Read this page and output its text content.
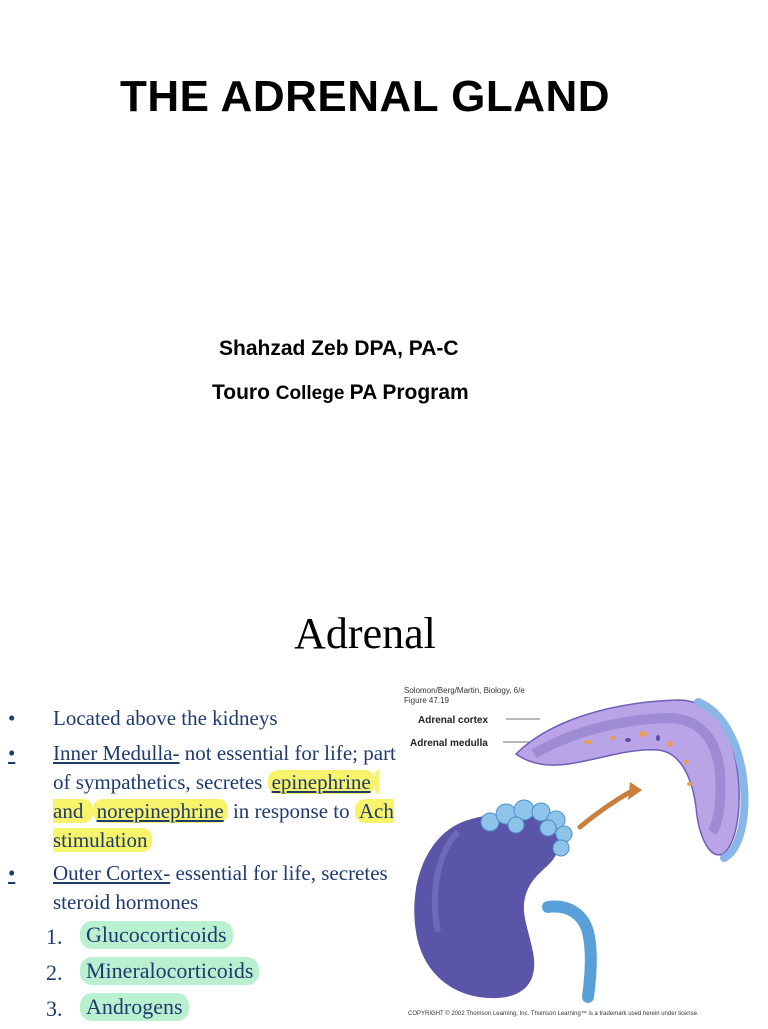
THE ADRENAL GLAND
Shahzad Zeb DPA, PA-C
Touro College PA Program
Adrenal
• Located above the kidneys
• Inner Medulla- not essential for life; part of sympathetics, secretes epinephrine and norepinephrine in response to Ach stimulation
• Outer Cortex- essential for life, secretes steroid hormones
1. Glucocorticoids
2. Mineralocorticoids
3. Androgens
Solomon/Berg/Martin, Biology, 6/e
Figure 47.19
Adrenal cortex
Adrenal medulla
COPYRIGHT © 2002 Thomson Learning, Inc. Thomson Learning™ is a trademark used herein under license.
